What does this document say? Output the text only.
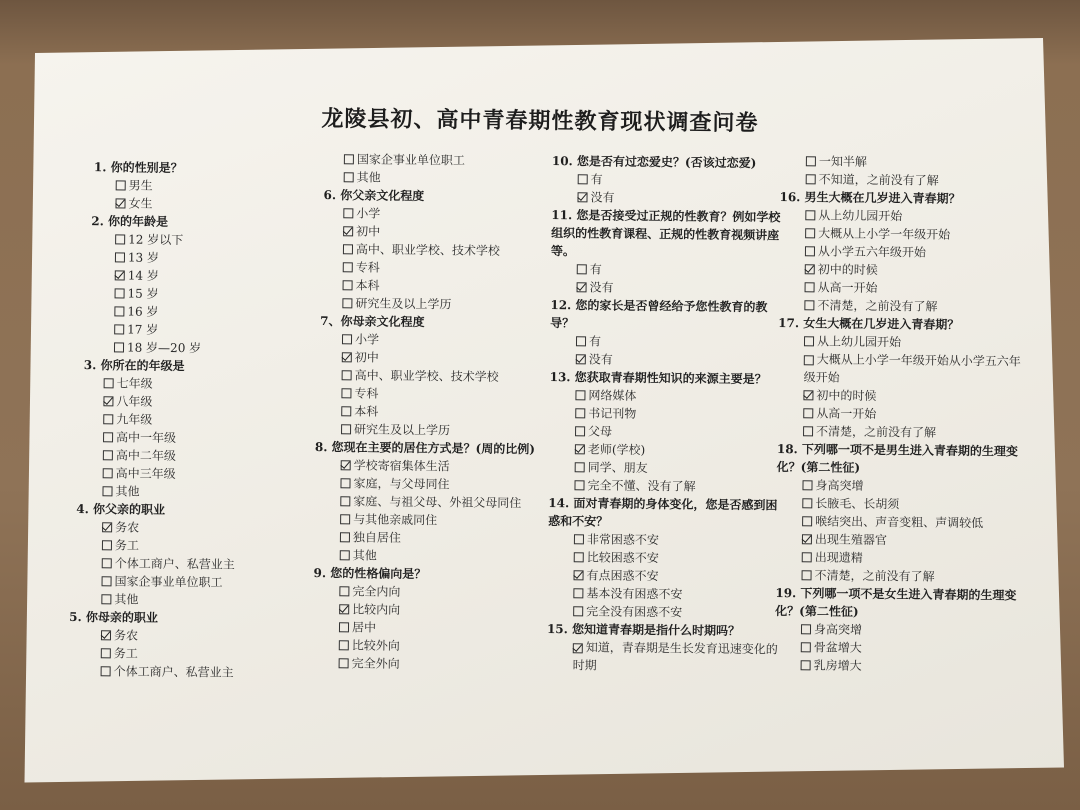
龙陵县初、高中青春期性教育现状调查问卷
1. 你的性别是？
男生
女生
2. 你的年龄是
12 岁以下
13 岁
14 岁
15 岁
16 岁
17 岁
18 岁—20 岁
3. 你所在的年级是
七年级
八年级
九年级
高中一年级
高中二年级
高中三年级
其他
4. 你父亲的职业
务农
务工
个体工商户、私营业主
国家企事业单位职工
其他
5. 你母亲的职业
务农
务工
个体工商户、私营业主
国家企事业单位职工
其他
6. 你父亲文化程度
小学
初中
高中、职业学校、技术学校
专科
本科
研究生及以上学历
7、你母亲文化程度
小学
初中
高中、职业学校、技术学校
专科
本科
研究生及以上学历
8. 您现在主要的居住方式是？(周的比例)
学校寄宿集体生活
家庭，与父母同住
家庭、与祖父母、外祖父母同住
与其他亲戚同住
独自居住
其他
9. 您的性格偏向是？
完全内向
比较内向
居中
比较外向
完全外向
10. 您是否有过恋爱史？(否该过恋爱)
有
没有
11. 您是否接受过正规的性教育？例如学校组织的性教育课程、正规的性教育视频讲座等。
有
没有
12. 您的家长是否曾经给予您性教育的教导？
有
没有
13. 您获取青春期性知识的来源主要是？
网络媒体
书记刊物
父母
老师(学校)
同学、朋友
完全不懂、没有了解
14. 面对青春期的身体变化，您是否感到困惑和不安？
非常困惑不安
比较困惑不安
有点困惑不安
基本没有困惑不安
完全没有困惑不安
15. 您知道青春期是指什么时期吗？
知道，青春期是生长发育迅速变化的时期
一知半解
不知道，之前没有了解
16. 男生大概在几岁进入青春期？
从上幼儿园开始
大概从上小学一年级开始
从小学五六年级开始
初中的时候
从高一开始
不清楚，之前没有了解
17. 女生大概在几岁进入青春期？
从上幼儿园开始
大概从上小学一年级开始从小学五六年级开始
初中的时候
从高一开始
不清楚，之前没有了解
18. 下列哪一项不是男生进入青春期的生理变化？(第二性征)
身高突增
长腋毛、长胡须
喉结突出、声音变粗、声调较低
出现生殖器官
出现遗精
不清楚，之前没有了解
19. 下列哪一项不是女生进入青春期的生理变化？(第二性征)
身高突增
骨盆增大
乳房增大
